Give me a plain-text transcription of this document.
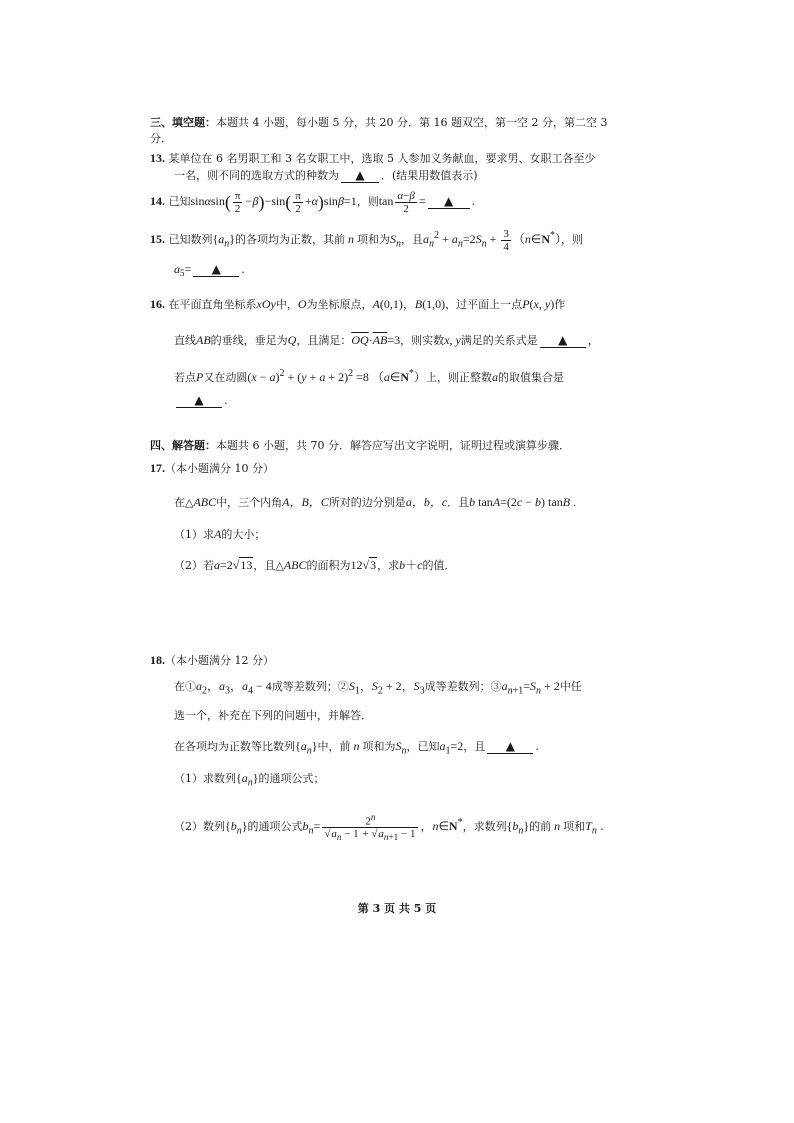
三、填空题：本题共 4 小题，每小题 5 分，共 20 分．第 16 题双空，第一空 2 分，第二空 3
分．
13. 某单位在 6 名男职工和 3 名女职工中，选取 5 人参加义务献血，要求男、女职工各至少
一名，则不同的选取方式的种数为 ▲ ．(结果用数值表示)
14. 已知$\sin\alpha\sin( \frac{\pi}{2} -\beta)-\sin( \frac{\pi}{2} +\alpha)\sin\beta=1$，则$\tan \frac{\alpha-\beta}{2}$ = ▲ .
15. 已知数列$\{a_n\}$的各项均为正数，其前 n 项和为$S_n$，且$a_n^2 + a_n=2S_n + \frac{3}{4}$ （n∈N*），则
$a_5=$ ▲ .
16. 在平面直角坐标系xOy中，O为坐标原点，A(0,1)，B(1,0)，过平面上一点P(x, y)作
直线AB的垂线，垂足为Q，且满足：$\overline{OQ}\cdot\overline{AB}=3$，则实数x, y满足的关系式是 ▲ ，
若点P又在动圆$(x - a)^2 + (y + a + 2)^2 =8$ （a∈N*）上，则正整数a的取值集合是
▲ .
四、解答题：本题共 6 小题，共 70 分．解答应写出文字说明，证明过程或演算步骤．
17.（本小题满分 10 分）
在△ABC中，三个内角A，B，C所对的边分别是a，b，c．且b tanA=(2c − b) tanB .
（1）求A的大小；
（2）若a=2√13，且△ABC的面积为12√3，求b＋c的值．
18.（本小题满分 12 分）
在$①a_2$，$a_3$，$a_4 - 4$成等差数列；$②S_1$，$S_2 + 2$，$S_3$成等差数列；$③a_{n+1}=S_n + 2$中任
选一个，补充在下列的问题中，并解答．
在各项均为正数等比数列$\{a_n\}$中，前 n 项和为$S_n$，已知$a_1=2$，且 ▲ .
（1）求数列$\{a_n\}$的通项公式；
（2）数列$\{b_n\}$的通项公式$b_n= \frac{2^n}{√a_n - 1 + √a_{n+1} - 1}$ ，n∈N*，求数列$\{b_n\}$的前 n 项和$T_n$ .
第 3 页 共 5 页
